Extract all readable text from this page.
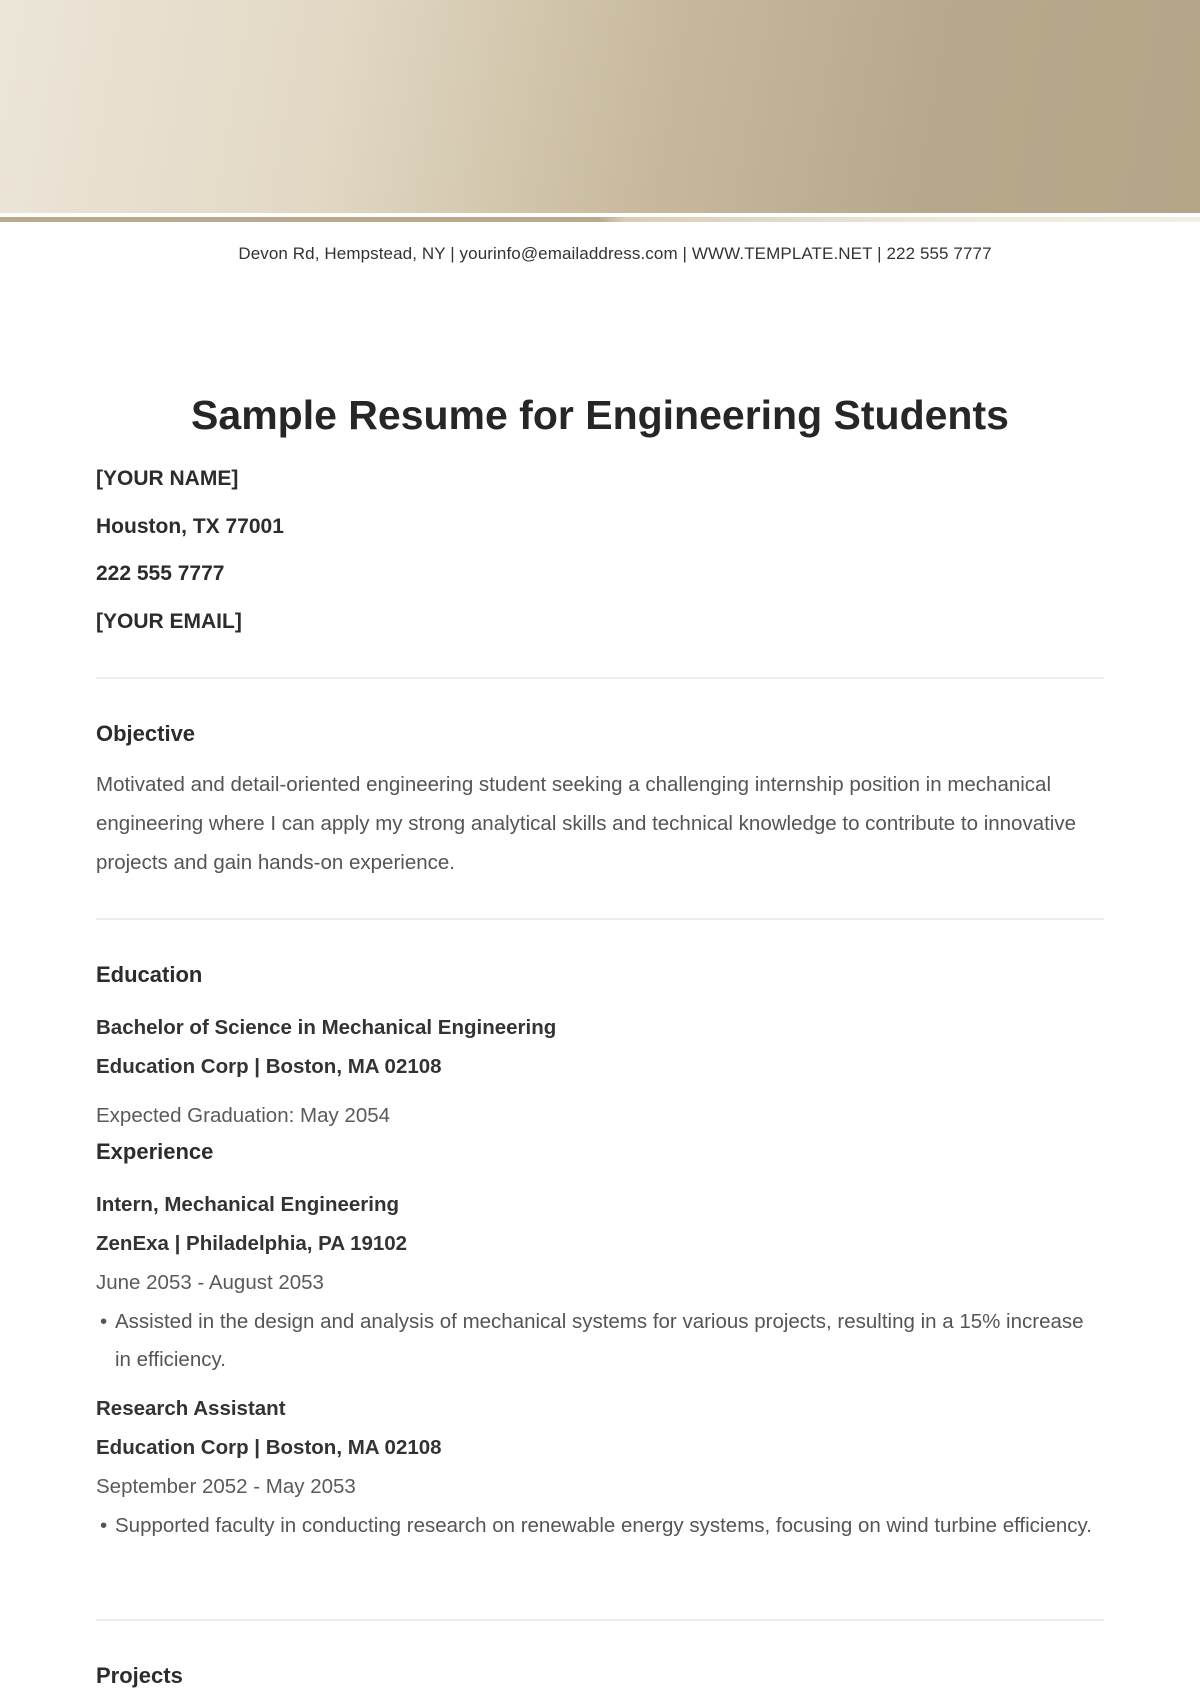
Devon Rd, Hempstead, NY | yourinfo@emailaddress.com | WWW.TEMPLATE.NET | 222 555 7777
Sample Resume for Engineering Students
[YOUR NAME]
Houston, TX 77001
222 555 7777
[YOUR EMAIL]
Objective
Motivated and detail-oriented engineering student seeking a challenging internship position in mechanical engineering where I can apply my strong analytical skills and technical knowledge to contribute to innovative projects and gain hands-on experience.
Education
Bachelor of Science in Mechanical Engineering
Education Corp | Boston, MA 02108
Expected Graduation: May 2054
Experience
Intern, Mechanical Engineering
ZenExa | Philadelphia, PA 19102
June 2053 - August 2053
• Assisted in the design and analysis of mechanical systems for various projects, resulting in a 15% increase in efficiency.
Research Assistant
Education Corp | Boston, MA 02108
September 2052 - May 2053
• Supported faculty in conducting research on renewable energy systems, focusing on wind turbine efficiency.
Projects
